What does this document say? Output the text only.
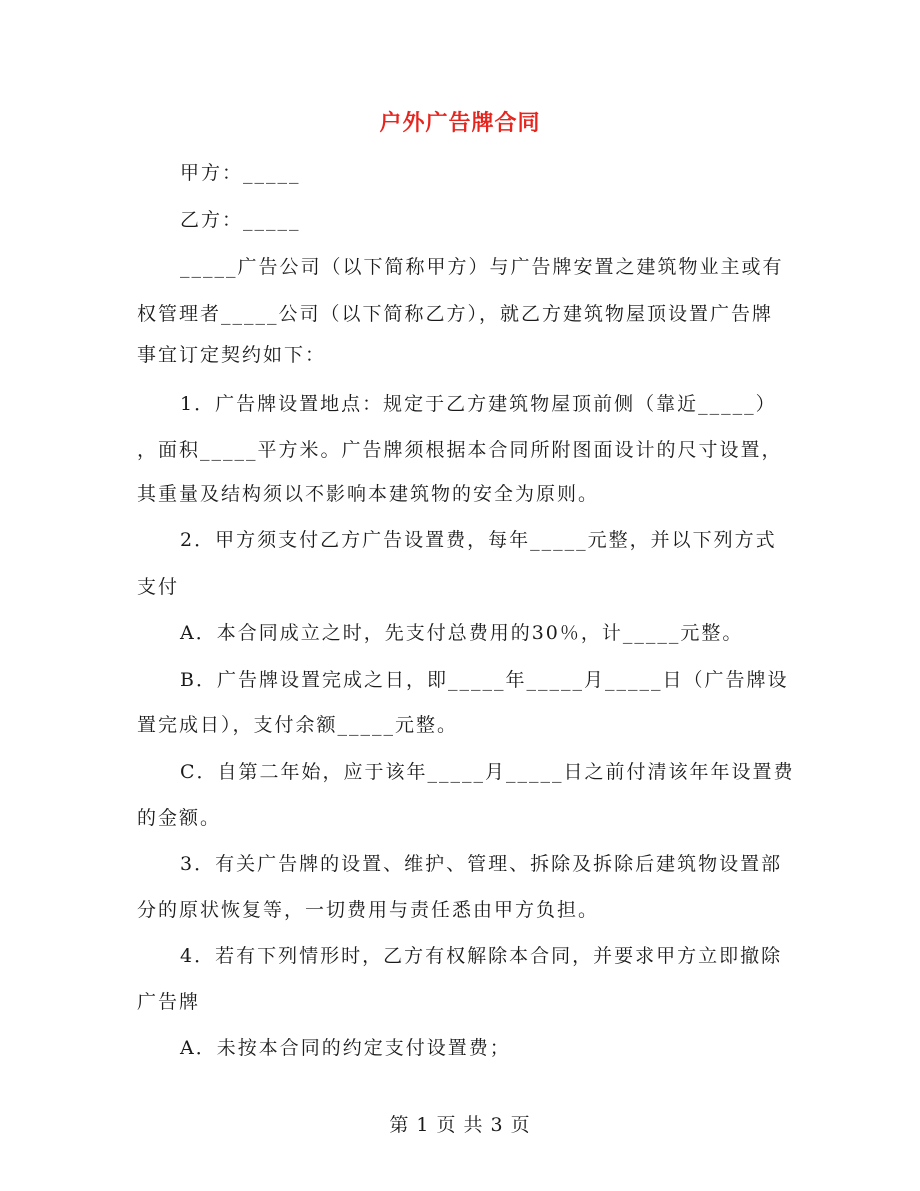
户外广告牌合同
甲方：_____
乙方：_____
_____广告公司（以下简称甲方）与广告牌安置之建筑物业主或有
权管理者_____公司（以下简称乙方），就乙方建筑物屋顶设置广告牌
事宜订定契约如下：
1．广告牌设置地点：规定于乙方建筑物屋顶前侧（靠近_____）
，面积_____平方米。广告牌须根据本合同所附图面设计的尺寸设置，
其重量及结构须以不影响本建筑物的安全为原则。
2．甲方须支付乙方广告设置费，每年_____元整，并以下列方式
支付
A．本合同成立之时，先支付总费用的30％，计_____元整。
B．广告牌设置完成之日，即_____年_____月_____日（广告牌设
置完成日），支付余额_____元整。
C．自第二年始，应于该年_____月_____日之前付清该年年设置费
的金额。
3．有关广告牌的设置、维护、管理、拆除及拆除后建筑物设置部
分的原状恢复等，一切费用与责任悉由甲方负担。
4．若有下列情形时，乙方有权解除本合同，并要求甲方立即撤除
广告牌
A．未按本合同的约定支付设置费；
第 1 页 共 3 页
